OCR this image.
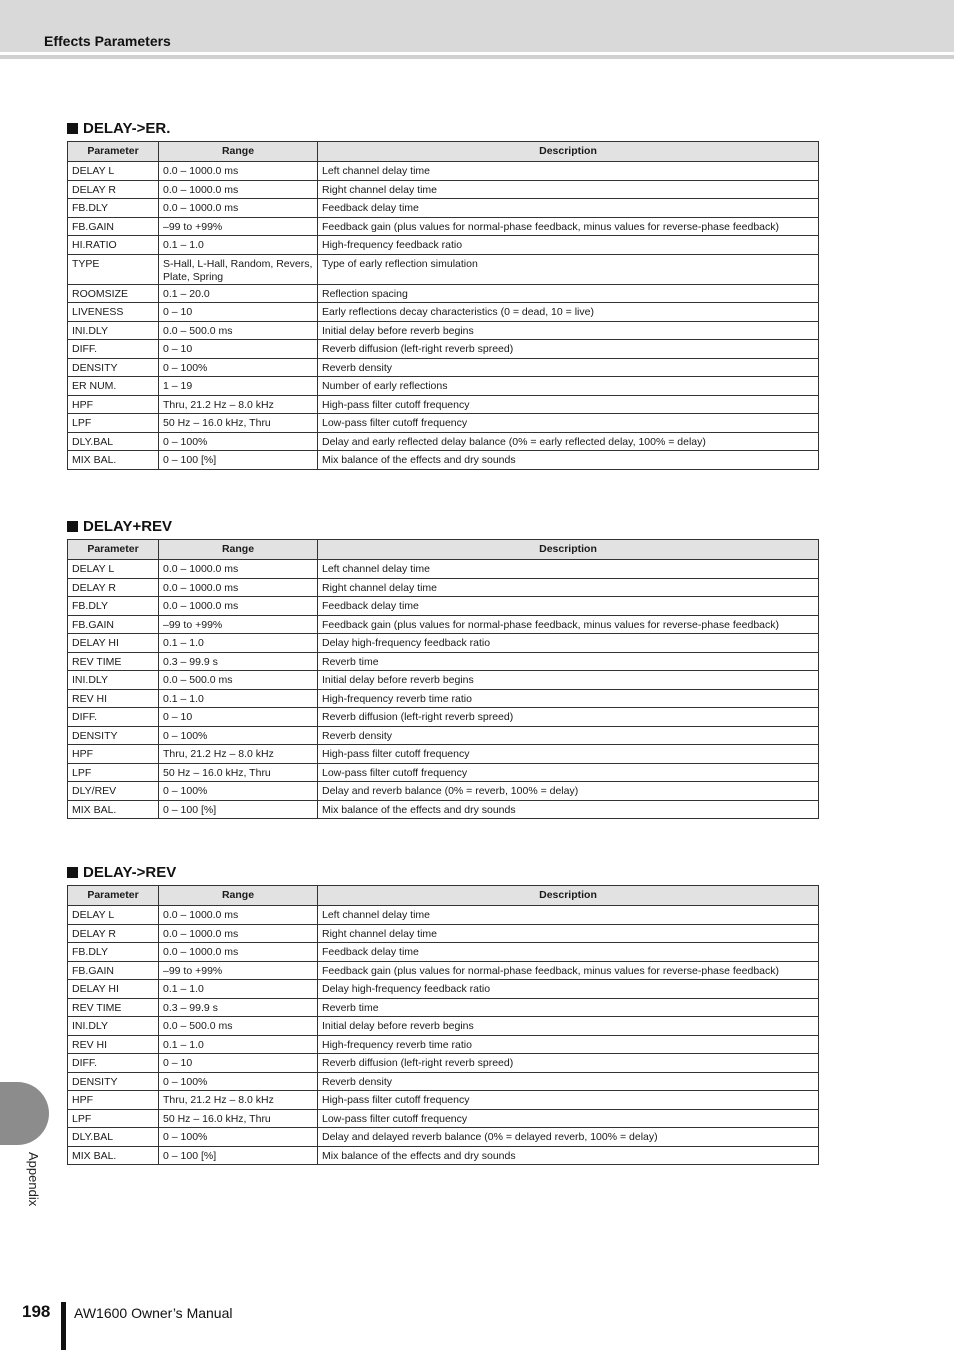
Effects Parameters
DELAY->ER.
Parameter	Range	Description
DELAY L	0.0 – 1000.0 ms	Left channel delay time
DELAY R	0.0 – 1000.0 ms	Right channel delay time
FB.DLY	0.0 – 1000.0 ms	Feedback delay time
FB.GAIN	–99 to +99%	Feedback gain (plus values for normal-phase feedback, minus values for reverse-phase feedback)
HI.RATIO	0.1 – 1.0	High-frequency feedback ratio
TYPE	S-Hall, L-Hall, Random, Revers, Plate, Spring	Type of early reflection simulation
ROOMSIZE	0.1 – 20.0	Reflection spacing
LIVENESS	0 – 10	Early reflections decay characteristics (0 = dead, 10 = live)
INI.DLY	0.0 – 500.0 ms	Initial delay before reverb begins
DIFF.	0 – 10	Reverb diffusion (left-right reverb spreed)
DENSITY	0 – 100%	Reverb density
ER NUM.	1 – 19	Number of early reflections
HPF	Thru, 21.2 Hz – 8.0 kHz	High-pass filter cutoff frequency
LPF	50 Hz – 16.0 kHz, Thru	Low-pass filter cutoff frequency
DLY.BAL	0 – 100%	Delay and early reflected delay balance (0% = early reflected delay, 100% = delay)
MIX BAL.	0 – 100 [%]	Mix balance of the effects and dry sounds
DELAY+REV
Parameter	Range	Description
DELAY L	0.0 – 1000.0 ms	Left channel delay time
DELAY R	0.0 – 1000.0 ms	Right channel delay time
FB.DLY	0.0 – 1000.0 ms	Feedback delay time
FB.GAIN	–99 to +99%	Feedback gain (plus values for normal-phase feedback, minus values for reverse-phase feedback)
DELAY HI	0.1 – 1.0	Delay high-frequency feedback ratio
REV TIME	0.3 – 99.9 s	Reverb time
INI.DLY	0.0 – 500.0 ms	Initial delay before reverb begins
REV HI	0.1 – 1.0	High-frequency reverb time ratio
DIFF.	0 – 10	Reverb diffusion (left-right reverb spreed)
DENSITY	0 – 100%	Reverb density
HPF	Thru, 21.2 Hz – 8.0 kHz	High-pass filter cutoff frequency
LPF	50 Hz – 16.0 kHz, Thru	Low-pass filter cutoff frequency
DLY/REV	0 – 100%	Delay and reverb balance (0% = reverb, 100% = delay)
MIX BAL.	0 – 100 [%]	Mix balance of the effects and dry sounds
DELAY->REV
Parameter	Range	Description
DELAY L	0.0 – 1000.0 ms	Left channel delay time
DELAY R	0.0 – 1000.0 ms	Right channel delay time
FB.DLY	0.0 – 1000.0 ms	Feedback delay time
FB.GAIN	–99 to +99%	Feedback gain (plus values for normal-phase feedback, minus values for reverse-phase feedback)
DELAY HI	0.1 – 1.0	Delay high-frequency feedback ratio
REV TIME	0.3 – 99.9 s	Reverb time
INI.DLY	0.0 – 500.0 ms	Initial delay before reverb begins
REV HI	0.1 – 1.0	High-frequency reverb time ratio
DIFF.	0 – 10	Reverb diffusion (left-right reverb spreed)
DENSITY	0 – 100%	Reverb density
HPF	Thru, 21.2 Hz – 8.0 kHz	High-pass filter cutoff frequency
LPF	50 Hz – 16.0 kHz, Thru	Low-pass filter cutoff frequency
DLY.BAL	0 – 100%	Delay and delayed reverb balance (0% = delayed reverb, 100% = delay)
MIX BAL.	0 – 100 [%]	Mix balance of the effects and dry sounds
Appendix
198 AW1600 Owner’s Manual
